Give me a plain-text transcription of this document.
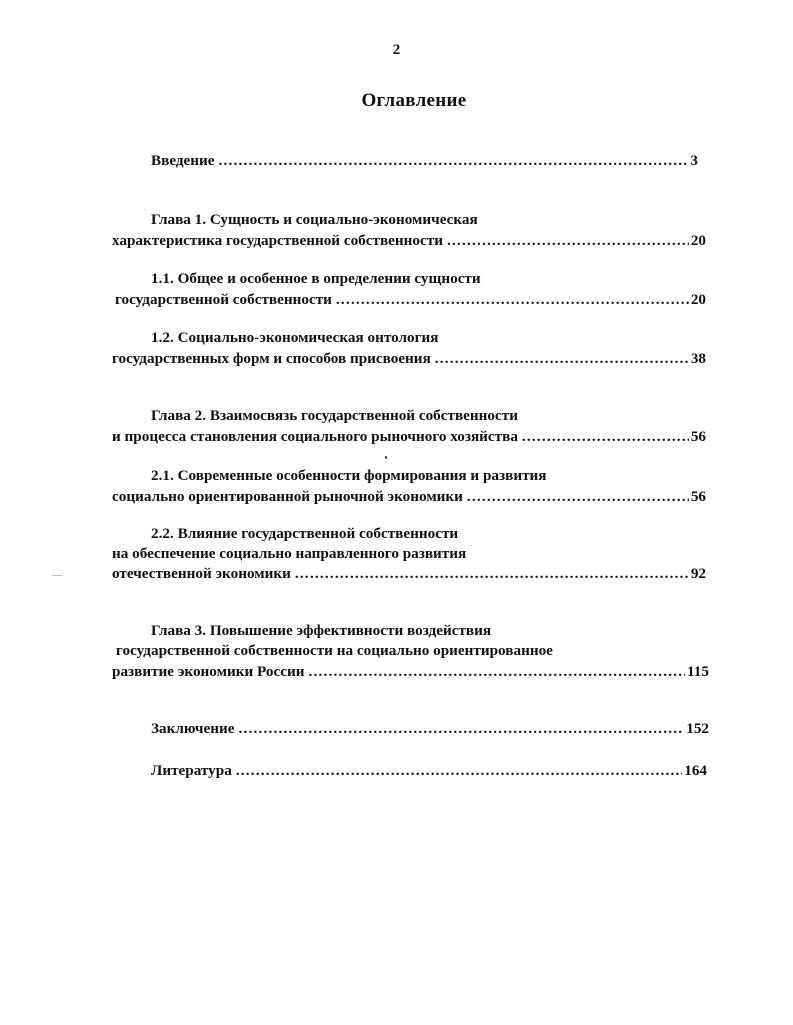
2
Оглавление
Введение .....	3
Глава 1. Сущность и социально-экономическая
характеристика государственной собственности .....	20
1.1. Общее и особенное в определении сущности
государственной собственности .....	20
1.2. Социально-экономическая онтология
государственных форм и способов присвоения .....	38
Глава 2. Взаимосвязь государственной собственности
и процесса становления социального рыночного хозяйства .....	56
2.1. Современные особенности формирования и развития
социально ориентированной рыночной экономики .....	56
2.2. Влияние государственной собственности
на обеспечение социально направленного развития
отечественной экономики .....	92
Глава 3. Повышение эффективности воздействия
государственной собственности на социально ориентированное
развитие экономики России .....	115
Заключение .....	152
Литература .....	164
